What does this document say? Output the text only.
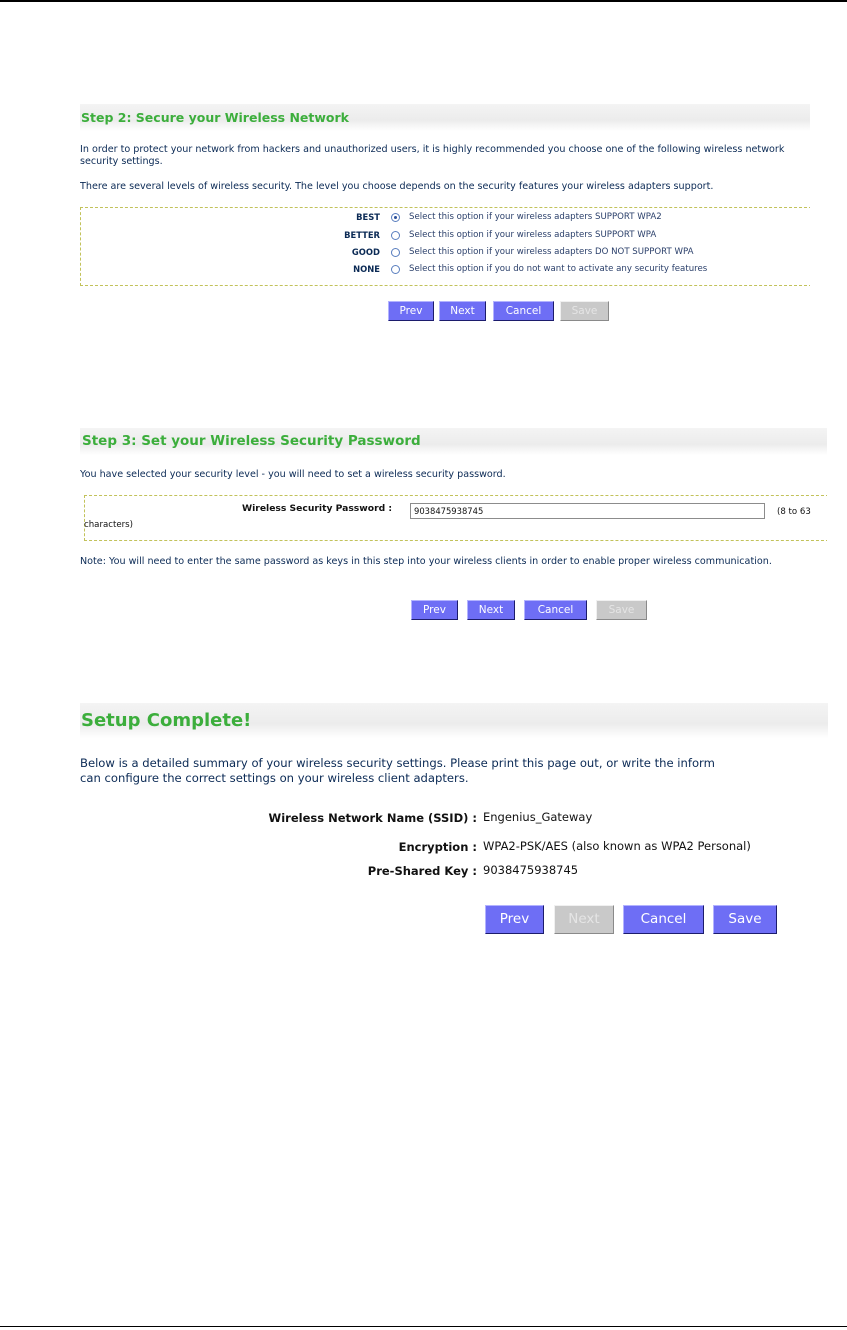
Step 2: Secure your Wireless Network
In order to protect your network from hackers and unauthorized users, it is highly recommended you choose one of the following wireless network security settings.
There are several levels of wireless security. The level you choose depends on the security features your wireless adapters support.
BEST	Select this option if your wireless adapters SUPPORT WPA2
BETTER	Select this option if your wireless adapters SUPPORT WPA
GOOD	Select this option if your wireless adapters DO NOT SUPPORT WPA
NONE	Select this option if you do not want to activate any security features
Prev	Next	Cancel	Save
Step 3: Set your Wireless Security Password
You have selected your security level - you will need to set a wireless security password.
Wireless Security Password :
9038475938745	(8 to 63
characters)
Note: You will need to enter the same password as keys in this step into your wireless clients in order to enable proper wireless communication.
Prev	Next	Cancel	Save
Setup Complete!
Below is a detailed summary of your wireless security settings. Please print this page out, or write the inform
can configure the correct settings on your wireless client adapters.
Wireless Network Name (SSID) : Engenius_Gateway
Encryption : WPA2-PSK/AES (also known as WPA2 Personal)
Pre-Shared Key : 9038475938745
Prev	Next	Cancel	Save
